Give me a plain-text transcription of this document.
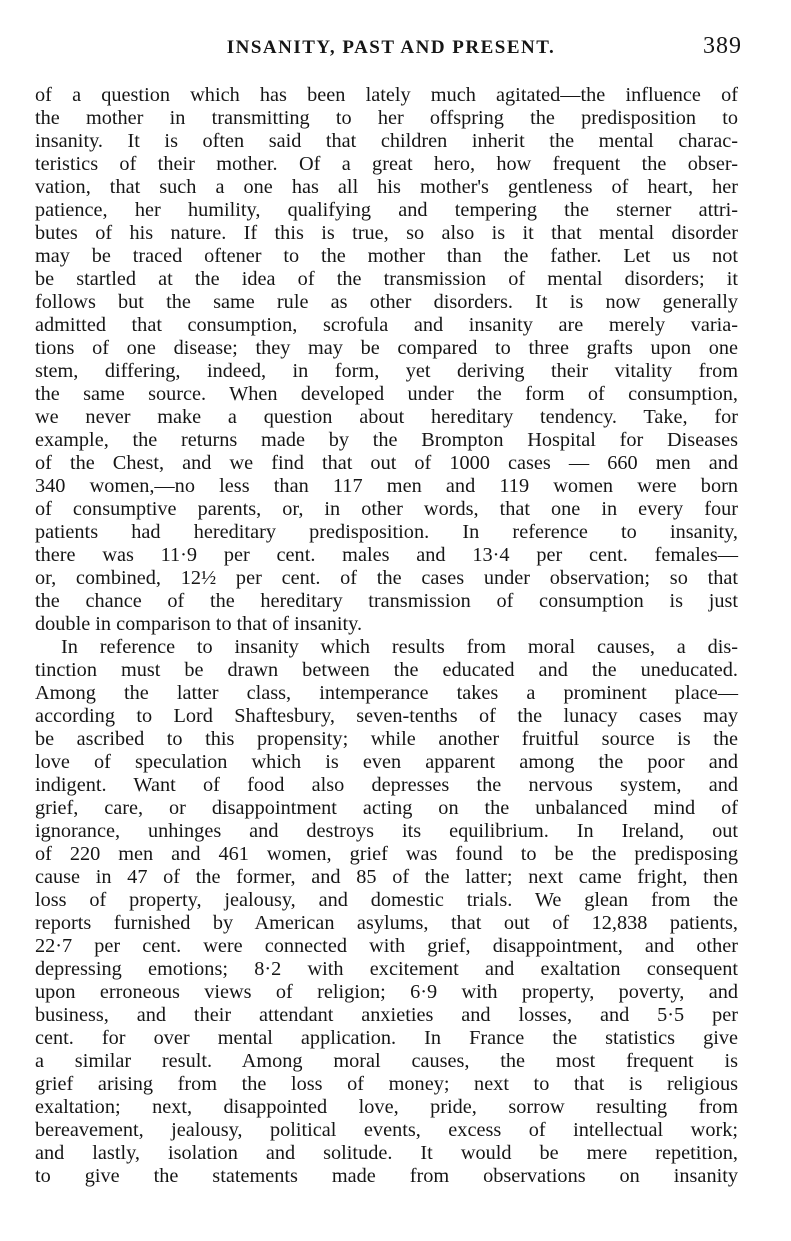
INSANITY, PAST AND PRESENT.	389
of a question which has been lately much agitated—the influence of
the mother in transmitting to her offspring the predisposition to
insanity. It is often said that children inherit the mental charac-
teristics of their mother. Of a great hero, how frequent the obser-
vation, that such a one has all his mother's gentleness of heart, her
patience, her humility, qualifying and tempering the sterner attri-
butes of his nature. If this is true, so also is it that mental disorder
may be traced oftener to the mother than the father. Let us not
be startled at the idea of the transmission of mental disorders; it
follows but the same rule as other disorders. It is now generally
admitted that consumption, scrofula and insanity are merely varia-
tions of one disease; they may be compared to three grafts upon one
stem, differing, indeed, in form, yet deriving their vitality from
the same source. When developed under the form of consumption,
we never make a question about hereditary tendency. Take, for
example, the returns made by the Brompton Hospital for Diseases
of the Chest, and we find that out of 1000 cases — 660 men and
340 women,—no less than 117 men and 119 women were born
of consumptive parents, or, in other words, that one in every four
patients had hereditary predisposition. In reference to insanity,
there was 11·9 per cent. males and 13·4 per cent. females—
or, combined, 12½ per cent. of the cases under observation; so that
the chance of the hereditary transmission of consumption is just
double in comparison to that of insanity.
In reference to insanity which results from moral causes, a dis-
tinction must be drawn between the educated and the uneducated.
Among the latter class, intemperance takes a prominent place—
according to Lord Shaftesbury, seven-tenths of the lunacy cases may
be ascribed to this propensity; while another fruitful source is the
love of speculation which is even apparent among the poor and
indigent. Want of food also depresses the nervous system, and
grief, care, or disappointment acting on the unbalanced mind of
ignorance, unhinges and destroys its equilibrium. In Ireland, out
of 220 men and 461 women, grief was found to be the predisposing
cause in 47 of the former, and 85 of the latter; next came fright, then
loss of property, jealousy, and domestic trials. We glean from the
reports furnished by American asylums, that out of 12,838 patients,
22·7 per cent. were connected with grief, disappointment, and other
depressing emotions; 8·2 with excitement and exaltation consequent
upon erroneous views of religion; 6·9 with property, poverty, and
business, and their attendant anxieties and losses, and 5·5 per
cent. for over mental application. In France the statistics give
a similar result. Among moral causes, the most frequent is
grief arising from the loss of money; next to that is religious
exaltation; next, disappointed love, pride, sorrow resulting from
bereavement, jealousy, political events, excess of intellectual work;
and lastly, isolation and solitude. It would be mere repetition,
to give the statements made from observations on insanity
